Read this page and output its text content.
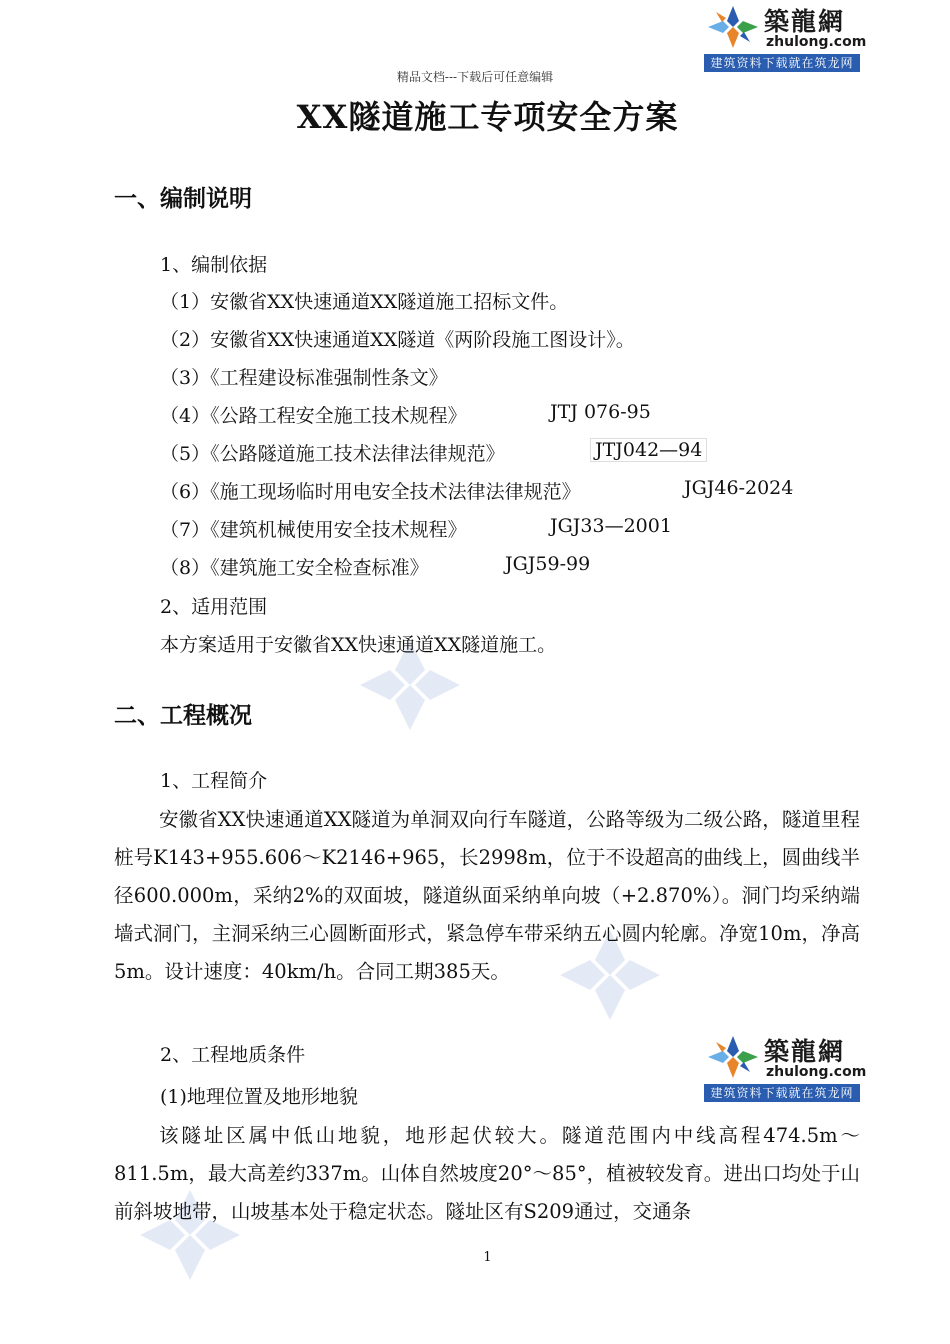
築龍網
zhulong.com
建筑资料下载就在筑龙网
精品文档---下载后可任意编辑
XX隧道施工专项安全方案
一、编制说明
1、编制依据
（1）安徽省XX快速通道XX隧道施工招标文件。
（2）安徽省XX快速通道XX隧道《两阶段施工图设计》。
（3）《工程建设标准强制性条文》
（4）《公路工程安全施工技术规程》	JTJ 076-95
（5）《公路隧道施工技术法律法律规范》	JTJ042—94
（6）《施工现场临时用电安全技术法律法律规范》	JGJ46-2024
（7）《建筑机械使用安全技术规程》	JGJ33—2001
（8）《建筑施工安全检查标准》	JGJ59-99
2、适用范围
本方案适用于安徽省XX快速通道XX隧道施工。
二、工程概况
1、工程简介
安徽省XX快速通道XX隧道为单洞双向行车隧道，公路等级为二级公路，隧道里程桩号K143+955.606～K2146+965，长2998m，位于不设超高的曲线上，圆曲线半径600.000m，采纳2%的双面坡，隧道纵面采纳单向坡（+2.870%）。洞门均采纳端墙式洞门，主洞采纳三心圆断面形式，紧急停车带采纳五心圆内轮廓。净宽10m，净高5m。设计速度：40km/h。合同工期385天。
2、工程地质条件	築龍網
zhulong.com
建筑资料下载就在筑龙网
(1)地理位置及地形地貌
该隧址区属中低山地貌，地形起伏较大。隧道范围内中线高程474.5m～811.5m，最大高差约337m。山体自然坡度20°～85°，植被较发育。进出口均处于山前斜坡地带，山坡基本处于稳定状态。隧址区有S209通过，交通条
1
